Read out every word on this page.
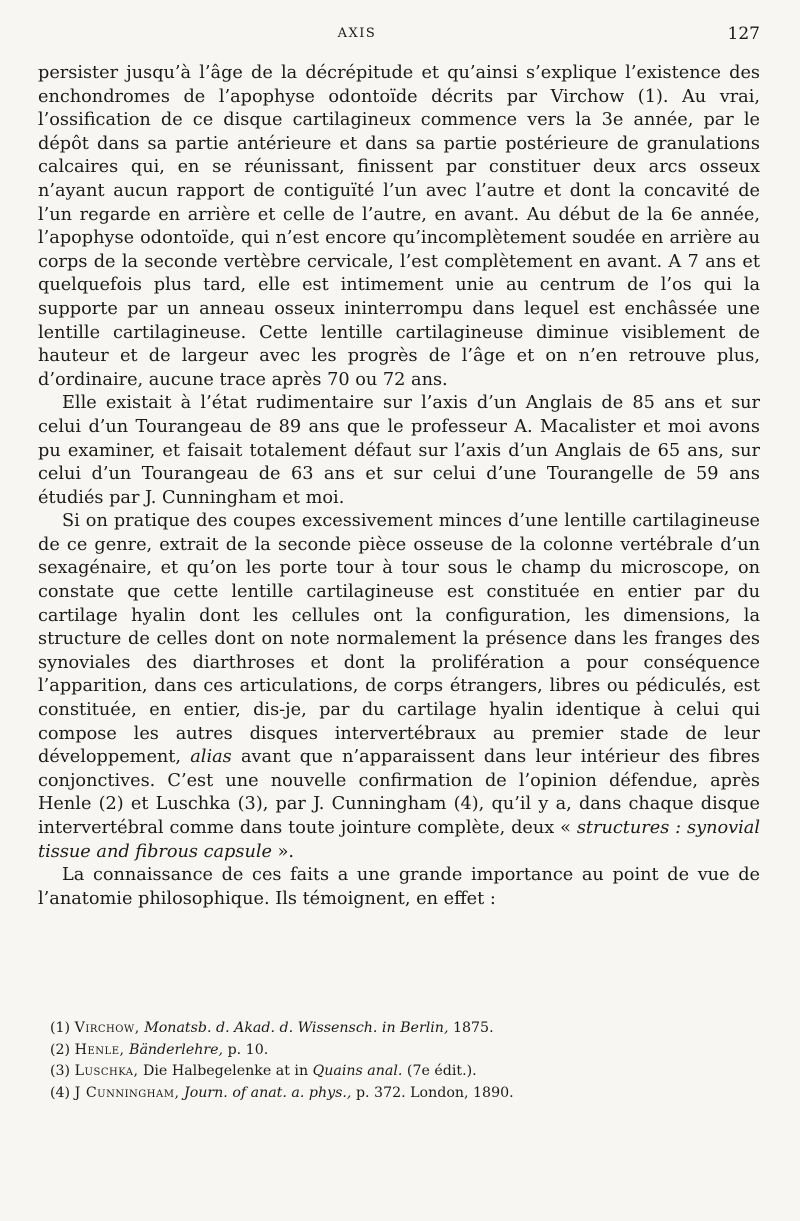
AXIS	127

persister jusqu’à l’âge de la décrépitude et qu’ainsi s’explique l’existence des enchondromes de l’apophyse odontoïde décrits par Virchow (1). Au vrai, l’ossification de ce disque cartilagineux commence vers la 3e année, par le dépôt dans sa partie antérieure et dans sa partie postérieure de granulations calcaires qui, en se réunissant, finissent par constituer deux arcs osseux n’ayant aucun rapport de contiguïté l’un avec l’autre et dont la concavité de l’un regarde en arrière et celle de l’autre, en avant. Au début de la 6e année, l’apophyse odontoïde, qui n’est encore qu’incomplètement soudée en arrière au corps de la seconde vertèbre cervicale, l’est complètement en avant. A 7 ans et quelquefois plus tard, elle est intimement unie au centrum de l’os qui la supporte par un anneau osseux ininterrompu dans lequel est enchâssée une lentille cartilagineuse. Cette lentille cartilagineuse diminue visiblement de hauteur et de largeur avec les progrès de l’âge et on n’en retrouve plus, d’ordinaire, aucune trace après 70 ou 72 ans.

Elle existait à l’état rudimentaire sur l’axis d’un Anglais de 85 ans et sur celui d’un Tourangeau de 89 ans que le professeur A. Macalister et moi avons pu examiner, et faisait totalement défaut sur l’axis d’un Anglais de 65 ans, sur celui d’un Tourangeau de 63 ans et sur celui d’une Tourangelle de 59 ans étudiés par J. Cunningham et moi.

Si on pratique des coupes excessivement minces d’une lentille cartilagineuse de ce genre, extrait de la seconde pièce osseuse de la colonne vertébrale d’un sexagénaire, et qu’on les porte tour à tour sous le champ du microscope, on constate que cette lentille cartilagineuse est constituée en entier par du cartilage hyalin dont les cellules ont la configuration, les dimensions, la structure de celles dont on note normalement la présence dans les franges des synoviales des diarthroses et dont la prolifération a pour conséquence l’apparition, dans ces articulations, de corps étrangers, libres ou pédiculés, est constituée, en entier, dis-je, par du cartilage hyalin identique à celui qui compose les autres disques intervertébraux au premier stade de leur développement, alias avant que n’apparaissent dans leur intérieur des fibres conjonctives. C’est une nouvelle confirmation de l’opinion défendue, après Henle (2) et Luschka (3), par J. Cunningham (4), qu’il y a, dans chaque disque intervertébral comme dans toute jointure complète, deux « structures : synovial tissue and fibrous capsule ».

La connaissance de ces faits a une grande importance au point de vue de l’anatomie philosophique. Ils témoignent, en effet :

(1) Virchow, Monatsb. d. Akad. d. Wissensch. in Berlin, 1875.
(2) Henle, Bänderlehre, p. 10.
(3) Luschka, Die Halbegelenke at in Quains anal. (7e édit.).
(4) J Cunningham, Journ. of anat. a. phys., p. 372. London, 1890.
